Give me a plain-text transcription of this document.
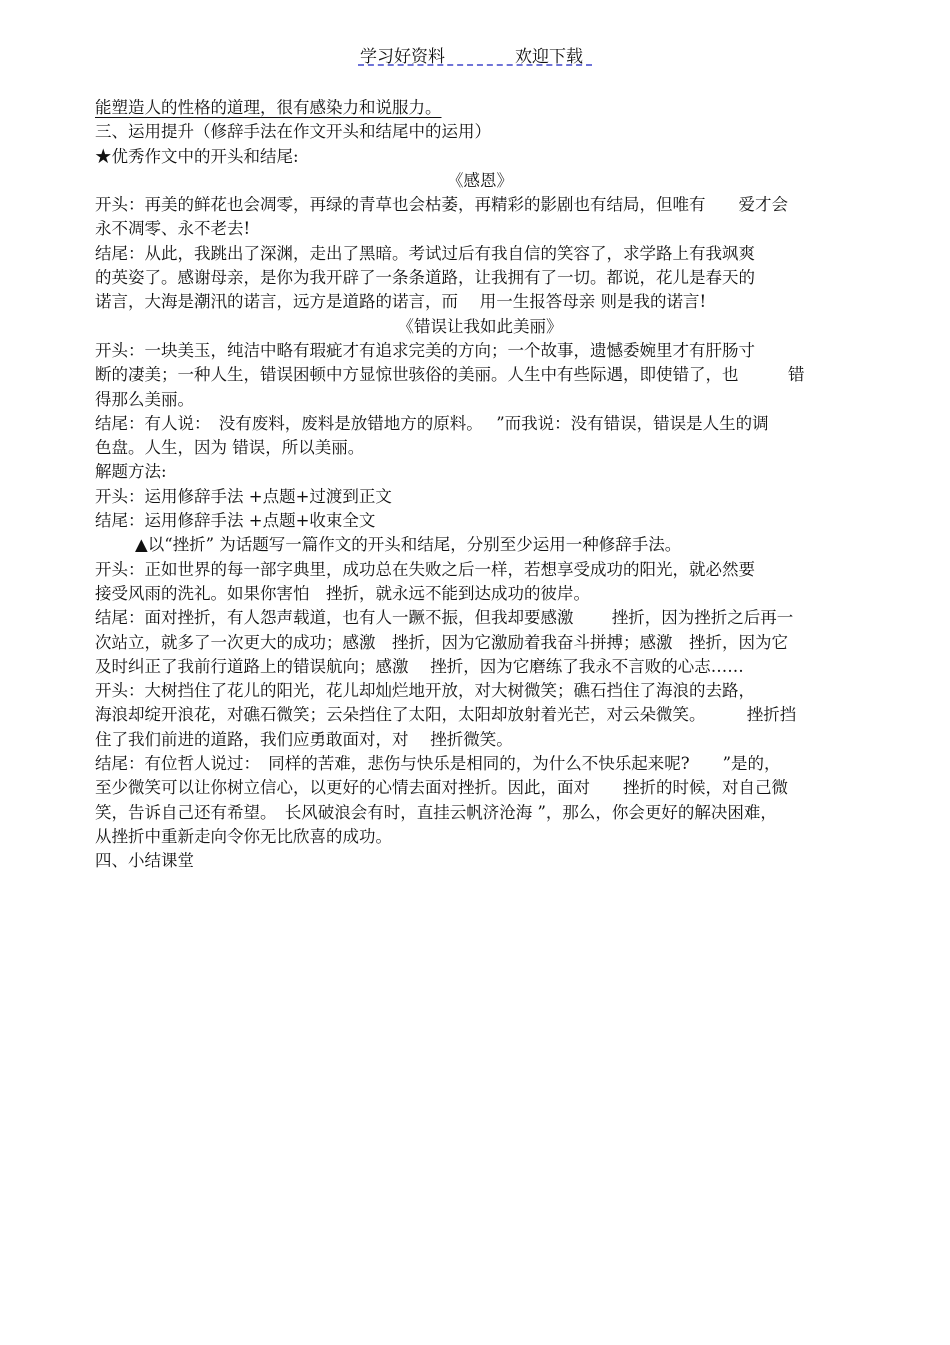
学习好资料	欢迎下载
能塑造人的性格的道理，很有感染力和说服力。
三、运用提升（修辞手法在作文开头和结尾中的运用）
★优秀作文中的开头和结尾:
《感恩》
开头：再美的鲜花也会凋零，再绿的青草也会枯萎，再精彩的影剧也有结局，但唯有　　爱才会
永不凋零、永不老去!
结尾：从此，我跳出了深渊，走出了黑暗。考试过后有我自信的笑容了，求学路上有我飒爽
的英姿了。感谢母亲，是你为我开辟了一条条道路，让我拥有了一切。都说，花儿是春天的
诺言，大海是潮汛的诺言，远方是道路的诺言，而　 用一生报答母亲 则是我的诺言!
《错误让我如此美丽》
开头：一块美玉，纯洁中略有瑕疵才有追求完美的方向；一个故事，遗憾委婉里才有肝肠寸
断的凄美；一种人生，错误困顿中方显惊世骇俗的美丽。人生中有些际遇，即使错了，也　　　错
得那么美丽。
结尾：有人说：　没有废料，废料是放错地方的原料。　 ”而我说：没有错误，错误是人生的调
色盘。人生，因为 错误，所以美丽。
解题方法:
开头：运用修辞手法 +点题+过渡到正文
结尾：运用修辞手法 +点题+收束全文
▲以“挫折” 为话题写一篇作文的开头和结尾，分别至少运用一种修辞手法。
开头：正如世界的每一部字典里，成功总在失败之后一样，若想享受成功的阳光，就必然要
接受风雨的洗礼。如果你害怕　挫折，就永远不能到达成功的彼岸。
结尾：面对挫折，有人怨声载道，也有人一蹶不振，但我却要感激　 　挫折，因为挫折之后再一
次站立，就多了一次更大的成功；感激　挫折，因为它激励着我奋斗拼搏；感激　挫折，因为它
及时纠正了我前行道路上的错误航向；感激　 挫折，因为它磨练了我永不言败的心志……
开头：大树挡住了花儿的阳光，花儿却灿烂地开放，对大树微笑；礁石挡住了海浪的去路，
海浪却绽开浪花，对礁石微笑；云朵挡住了太阳，太阳却放射着光芒，对云朵微笑。　　　挫折挡
住了我们前进的道路，我们应勇敢面对，对　 挫折微笑。
结尾：有位哲人说过：　同样的苦难，悲伤与快乐是相同的，为什么不快乐起来呢?　　”是的，
至少微笑可以让你树立信心，以更好的心情去面对挫折。因此，面对　　挫折的时候，对自己微
笑，告诉自己还有希望。　长风破浪会有时，直挂云帆济沧海 ”，那么，你会更好的解决困难，
从挫折中重新走向令你无比欣喜的成功。
四、小结课堂
